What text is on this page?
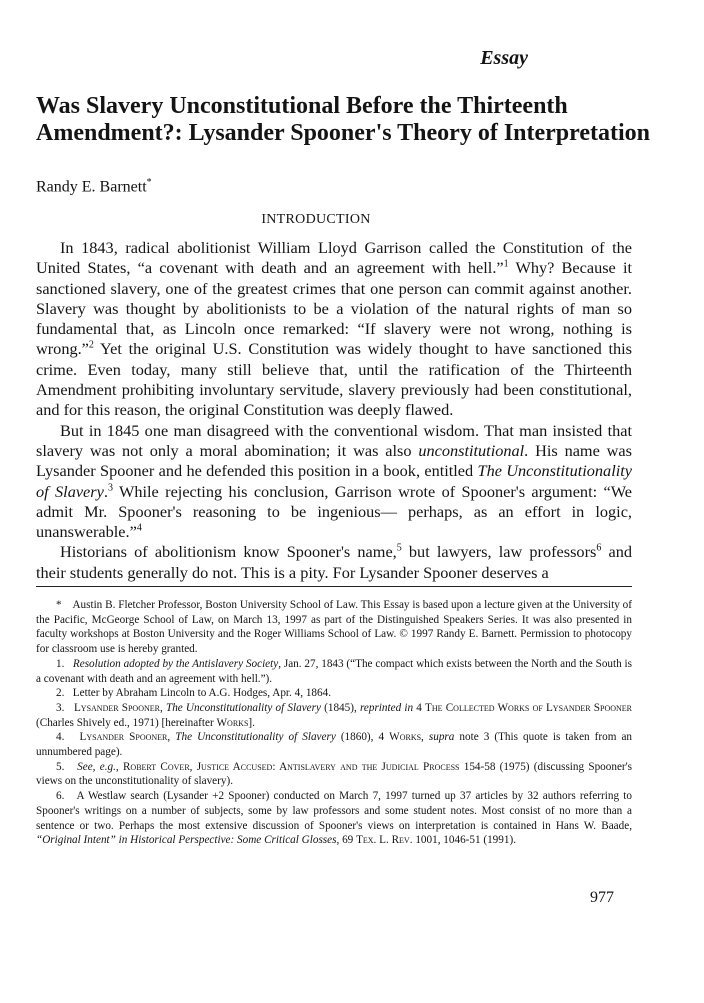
Essay
Was Slavery Unconstitutional Before the Thirteenth Amendment?: Lysander Spooner's Theory of Interpretation
Randy E. Barnett*
INTRODUCTION

In 1843, radical abolitionist William Lloyd Garrison called the Constitution of the United States, “a covenant with death and an agreement with hell.”$^1$ Why? Because it sanctioned slavery, one of the greatest crimes that one person can commit against another. Slavery was thought by abolitionists to be a violation of the natural rights of man so fundamental that, as Lincoln once remarked: “If slavery were not wrong, nothing is wrong.”$^2$ Yet the original U.S. Constitution was widely thought to have sanctioned this crime. Even today, many still believe that, until the ratification of the Thirteenth Amendment prohibiting involuntary servitude, slavery previously had been constitutional, and for this reason, the original Constitution was deeply flawed.

But in 1845 one man disagreed with the conventional wisdom. That man insisted that slavery was not only a moral abomination; it was also unconstitutional. His name was Lysander Spooner and he defended this position in a book, entitled The Unconstitutionality of Slavery.$^3$ While rejecting his conclusion, Garrison wrote of Spooner's argument: “We admit Mr. Spooner's reasoning to be ingenious— perhaps, as an effort in logic, unanswerable.”$^4$

Historians of abolitionism know Spooner's name,$^5$ but lawyers, law professors$^6$ and their students generally do not. This is a pity. For Lysander Spooner deserves a

* Austin B. Fletcher Professor, Boston University School of Law. This Essay is based upon a lecture given at the University of the Pacific, McGeorge School of Law, on March 13, 1997 as part of the Distinguished Speakers Series. It was also presented in faculty workshops at Boston University and the Roger Williams School of Law. © 1997 Randy E. Barnett. Permission to photocopy for classroom use is hereby granted.

1. Resolution adopted by the Antislavery Society, Jan. 27, 1843 (“The compact which exists between the North and the South is a covenant with death and an agreement with hell.”).

2. Letter by Abraham Lincoln to A.G. Hodges, Apr. 4, 1864.

3. Lysander Spooner, The Unconstitutionality of Slavery (1845), reprinted in 4 The Collected Works of Lysander Spooner (Charles Shively ed., 1971) [hereinafter Works].

4. Lysander Spooner, The Unconstitutionality of Slavery (1860), 4 Works, supra note 3 (This quote is taken from an unnumbered page).

5. See, e.g., Robert Cover, Justice Accused: Antislavery and the Judicial Process 154-58 (1975) (discussing Spooner's views on the unconstitutionality of slavery).

6. A Westlaw search (Lysander +2 Spooner) conducted on March 7, 1997 turned up 37 articles by 32 authors referring to Spooner's writings on a number of subjects, some by law professors and some student notes. Most consist of no more than a sentence or two. Perhaps the most extensive discussion of Spooner's views on interpretation is contained in Hans W. Baade, “Original Intent” in Historical Perspective: Some Critical Glosses, 69 Tex. L. Rev. 1001, 1046-51 (1991).

977
